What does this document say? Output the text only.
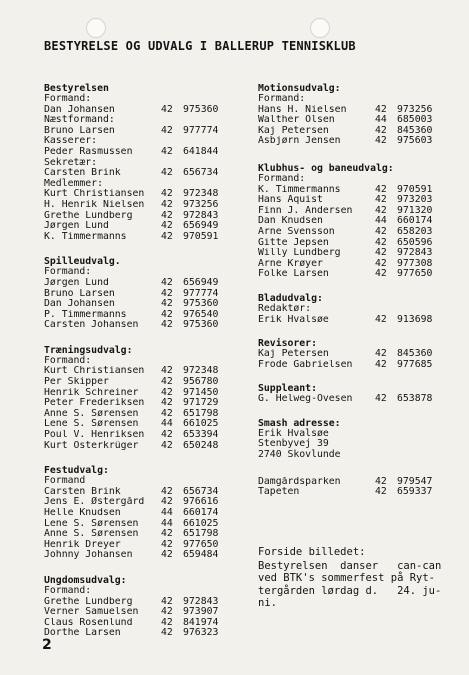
BESTYRELSE OG UDVALG I BALLERUP TENNISKLUB
Bestyrelsen
Formand:
Dan Johansen	42	975360
Næstformand:
Bruno Larsen	42	977774
Kasserer:
Peder Rasmussen	42	641844
Sekretær:
Carsten Brink	42	656734
Medlemmer:
Kurt Christiansen	42	972348
H. Henrik Nielsen	42	973256
Grethe Lundberg	42	972843
Jørgen Lund	42	656949
K. Timmermanns	42	970591
Spilleudvalg.
Formand:
Jørgen Lund	42	656949
Bruno Larsen	42	977774
Dan Johansen	42	975360
P. Timmermanns	42	976540
Carsten Johansen	42	975360
Træningsudvalg:
Formand:
Kurt Christiansen	42	972348
Per Skipper	42	956780
Henrik Schreiner	42	971450
Peter Frederiksen	42	971729
Anne S. Sørensen	42	651798
Lene S. Sørensen	44	661025
Poul V. Henriksen	42	653394
Kurt Osterkrüger	42	650248
Festudvalg:
Formand
Carsten Brink	42	656734
Jens E. Østergård	42	976616
Helle Knudsen	44	660174
Lene S. Sørensen	44	661025
Anne S. Sørensen	42	651798
Henrik Dreyer	42	977650
Johnny Johansen	42	659484
Ungdomsudvalg:
Formand:
Grethe Lundberg	42	972843
Verner Samuelsen	42	973907
Claus Rosenlund	42	841974
Dorthe Larsen	42	976323
Motionsudvalg:
Formand:
Hans H. Nielsen	42	973256
Walther Olsen	44	685003
Kaj Petersen	42	845360
Asbjørn Jensen	42	975603
Klubhus- og baneudvalg:
Formand:
K. Timmermanns	42	970591
Hans Åquist	42	973203
Finn J. Andersen	42	971320
Dan Knudsen	44	660174
Arne Svensson	42	658203
Gitte Jepsen	42	650596
Willy Lundberg	42	972843
Arne Krøyer	42	977308
Folke Larsen	42	977650
Bladudvalg:
Redaktør:
Erik Hvalsøe	42	913698
Revisorer:
Kaj Petersen	42	845360
Frode Gabrielsen	42	977685
Suppleant:
G. Helweg-Ovesen	42	653878
Smash adresse:
Erik Hvalsøe
Stenbyvej 39
2740 Skovlunde
Damgårdsparken	42	979547
Tapeten	42	659337
Forside billedet:
Bestyrelsen  danser   can-can
ved BTK's sommerfest på Ryt-
tergården lørdag d.   24. ju-
ni.
2
